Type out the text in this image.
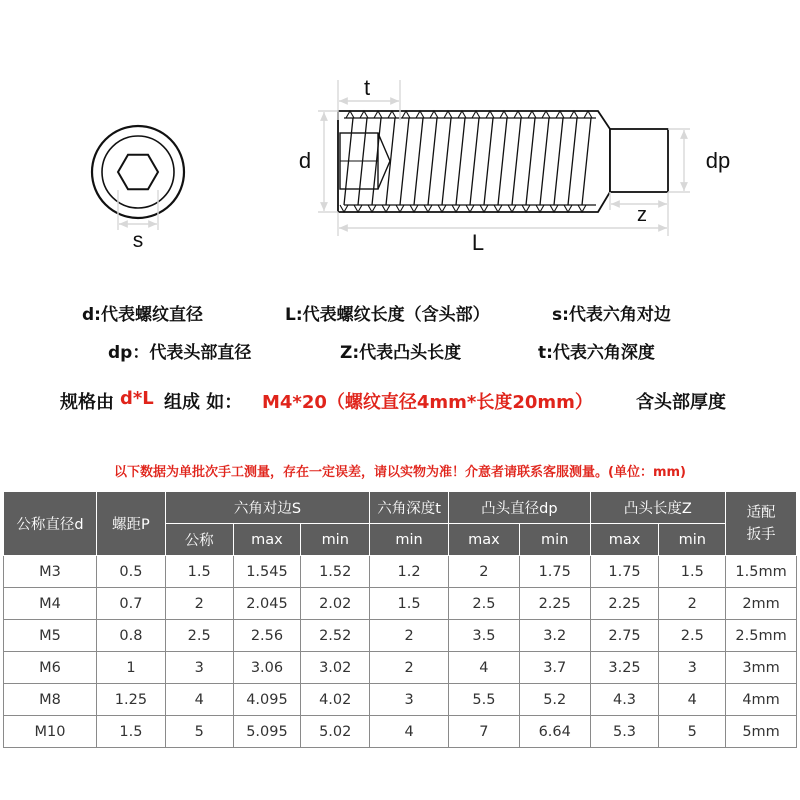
s
t
d
L
z
dp
d:代表螺纹直径	L:代表螺纹长度（含头部）	s:代表六角对边
dp：代表头部直径	Z:代表凸头长度	t:代表六角深度
规格由 d*L 组成 如： M4*20（螺纹直径4mm*长度20mm） 含头部厚度
以下数据为单批次手工测量，存在一定误差，请以实物为准！介意者请联系客服测量。(单位：mm)
公称直径d	螺距P	六角对边S			六角深度t	凸头直径dp		凸头长度Z		适配扳手
		公称	max	min	min	max	min	max	min	
M3	0.5	1.5	1.545	1.52	1.2	2	1.75	1.75	1.5	1.5mm
M4	0.7	2	2.045	2.02	1.5	2.5	2.25	2.25	2	2mm
M5	0.8	2.5	2.56	2.52	2	3.5	3.2	2.75	2.5	2.5mm
M6	1	3	3.06	3.02	2	4	3.7	3.25	3	3mm
M8	1.25	4	4.095	4.02	3	5.5	5.2	4.3	4	4mm
M10	1.5	5	5.095	5.02	4	7	6.64	5.3	5	5mm
